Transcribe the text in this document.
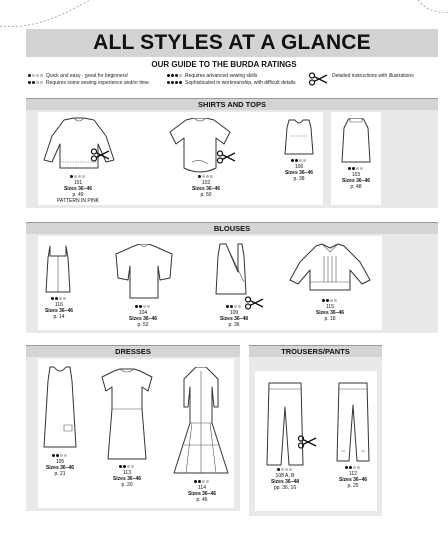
ALL STYLES AT A GLANCE
OUR GUIDE TO THE BURDA RATINGS
Quick and easy - great for beginners!
Requires some sewing experience and/or time
Requires advanced sewing skills
Sophisticated in workmanship, with difficult details
Detailed instructions with illustrations
SHIRTS AND TOPS
101
Sizes 36–46
p. 49
PATTERN IN PINK
102
Sizes 36–46
p. 50
106
Sizes 36–46
p. 38
103
Sizes 36–46
p. 48
BLOUSES
116
Sizes 36–46
p. 14
104
Sizes 36–46
p. 52
109
Sizes 36–48
p. 36
115
Sizes 36–46
p. 18
DRESSES
105
Sizes 36–46
p. 21	113
Sizes 36–46
p. 20	114
Sizes 36–46
p. 46
TROUSERS/PANTS
108 A, B
Sizes 36–48
pp. 36, 16
112
Sizes 36–46
p. 25
